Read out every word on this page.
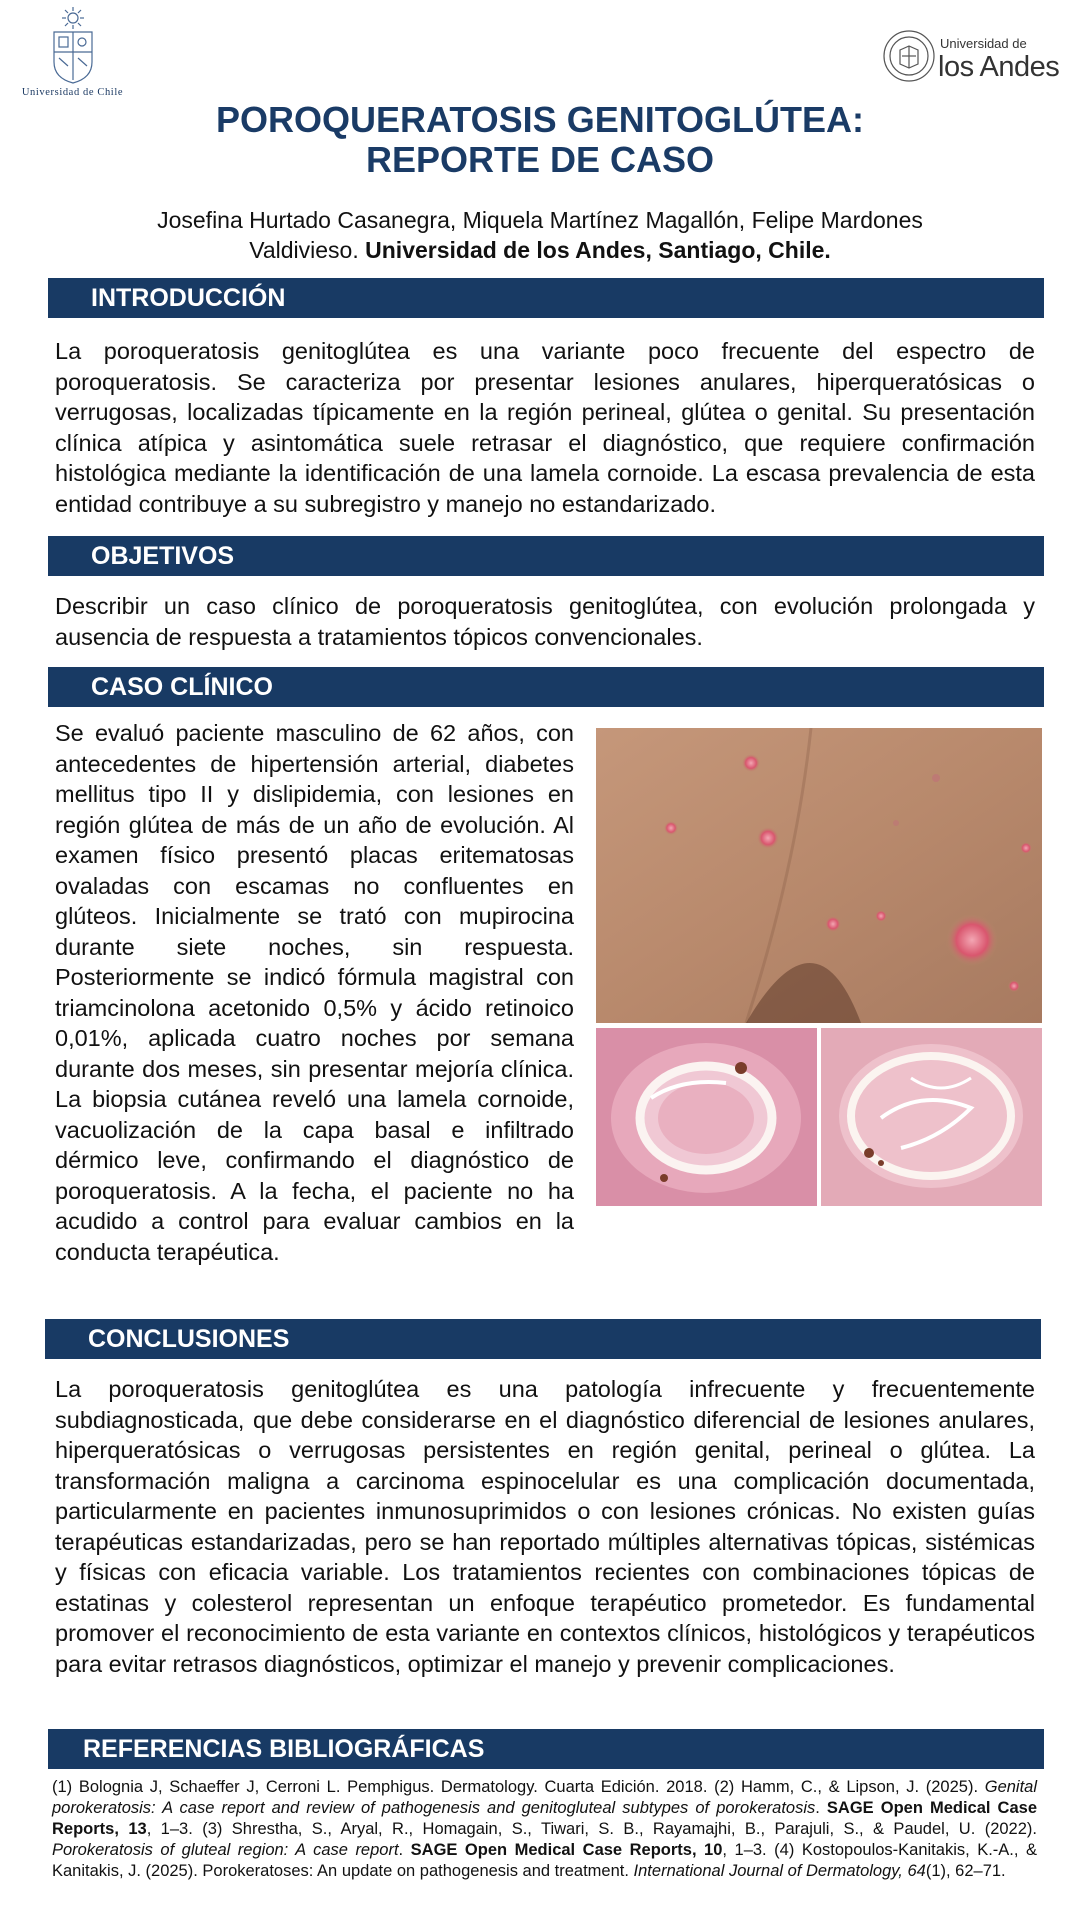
Universidad de Chile
Universidad de
los Andes
POROQUERATOSIS GENITOGLÚTEA:
REPORTE DE CASO
Josefina Hurtado Casanegra, Miquela Martínez Magallón, Felipe Mardones
Valdivieso. Universidad de los Andes, Santiago, Chile.
INTRODUCCIÓN
La poroqueratosis genitoglútea es una variante poco frecuente del espectro de poroqueratosis. Se caracteriza por presentar lesiones anulares, hiperqueratósicas o verrugosas, localizadas típicamente en la región perineal, glútea o genital. Su presentación clínica atípica y asintomática suele retrasar el diagnóstico, que requiere confirmación histológica mediante la identificación de una lamela cornoide. La escasa prevalencia de esta entidad contribuye a su subregistro y manejo no estandarizado.
OBJETIVOS
Describir un caso clínico de poroqueratosis genitoglútea, con evolución prolongada y ausencia de respuesta a tratamientos tópicos convencionales.
CASO CLÍNICO
Se evaluó paciente masculino de 62 años, con antecedentes de hipertensión arterial, diabetes mellitus tipo II y dislipidemia, con lesiones en región glútea de más de un año de evolución. Al examen físico presentó placas eritematosas ovaladas con escamas no confluentes en glúteos. Inicialmente se trató con mupirocina durante siete noches, sin respuesta. Posteriormente se indicó fórmula magistral con triamcinolona acetonido 0,5% y ácido retinoico 0,01%, aplicada cuatro noches por semana durante dos meses, sin presentar mejoría clínica. La biopsia cutánea reveló una lamela cornoide, vacuolización de la capa basal e infiltrado dérmico leve, confirmando el diagnóstico de poroqueratosis. A la fecha, el paciente no ha acudido a control para evaluar cambios en la conducta terapéutica.
CONCLUSIONES
La poroqueratosis genitoglútea es una patología infrecuente y frecuentemente subdiagnosticada, que debe considerarse en el diagnóstico diferencial de lesiones anulares, hiperqueratósicas o verrugosas persistentes en región genital, perineal o glútea. La transformación maligna a carcinoma espinocelular es una complicación documentada, particularmente en pacientes inmunosuprimidos o con lesiones crónicas. No existen guías terapéuticas estandarizadas, pero se han reportado múltiples alternativas tópicas, sistémicas y físicas con eficacia variable. Los tratamientos recientes con combinaciones tópicas de estatinas y colesterol representan un enfoque terapéutico prometedor. Es fundamental promover el reconocimiento de esta variante en contextos clínicos, histológicos y terapéuticos para evitar retrasos diagnósticos, optimizar el manejo y prevenir complicaciones.
REFERENCIAS BIBLIOGRÁFICAS
(1) Bolognia J, Schaeffer J, Cerroni L. Pemphigus. Dermatology. Cuarta Edición. 2018. (2) Hamm, C., & Lipson, J. (2025). Genital porokeratosis: A case report and review of pathogenesis and genitogluteal subtypes of porokeratosis. SAGE Open Medical Case Reports, 13, 1–3. (3) Shrestha, S., Aryal, R., Homagain, S., Tiwari, S. B., Rayamajhi, B., Parajuli, S., & Paudel, U. (2022). Porokeratosis of gluteal region: A case report. SAGE Open Medical Case Reports, 10, 1–3. (4) Kostopoulos-Kanitakis, K.-A., & Kanitakis, J. (2025). Porokeratoses: An update on pathogenesis and treatment. International Journal of Dermatology, 64(1), 62–71.
